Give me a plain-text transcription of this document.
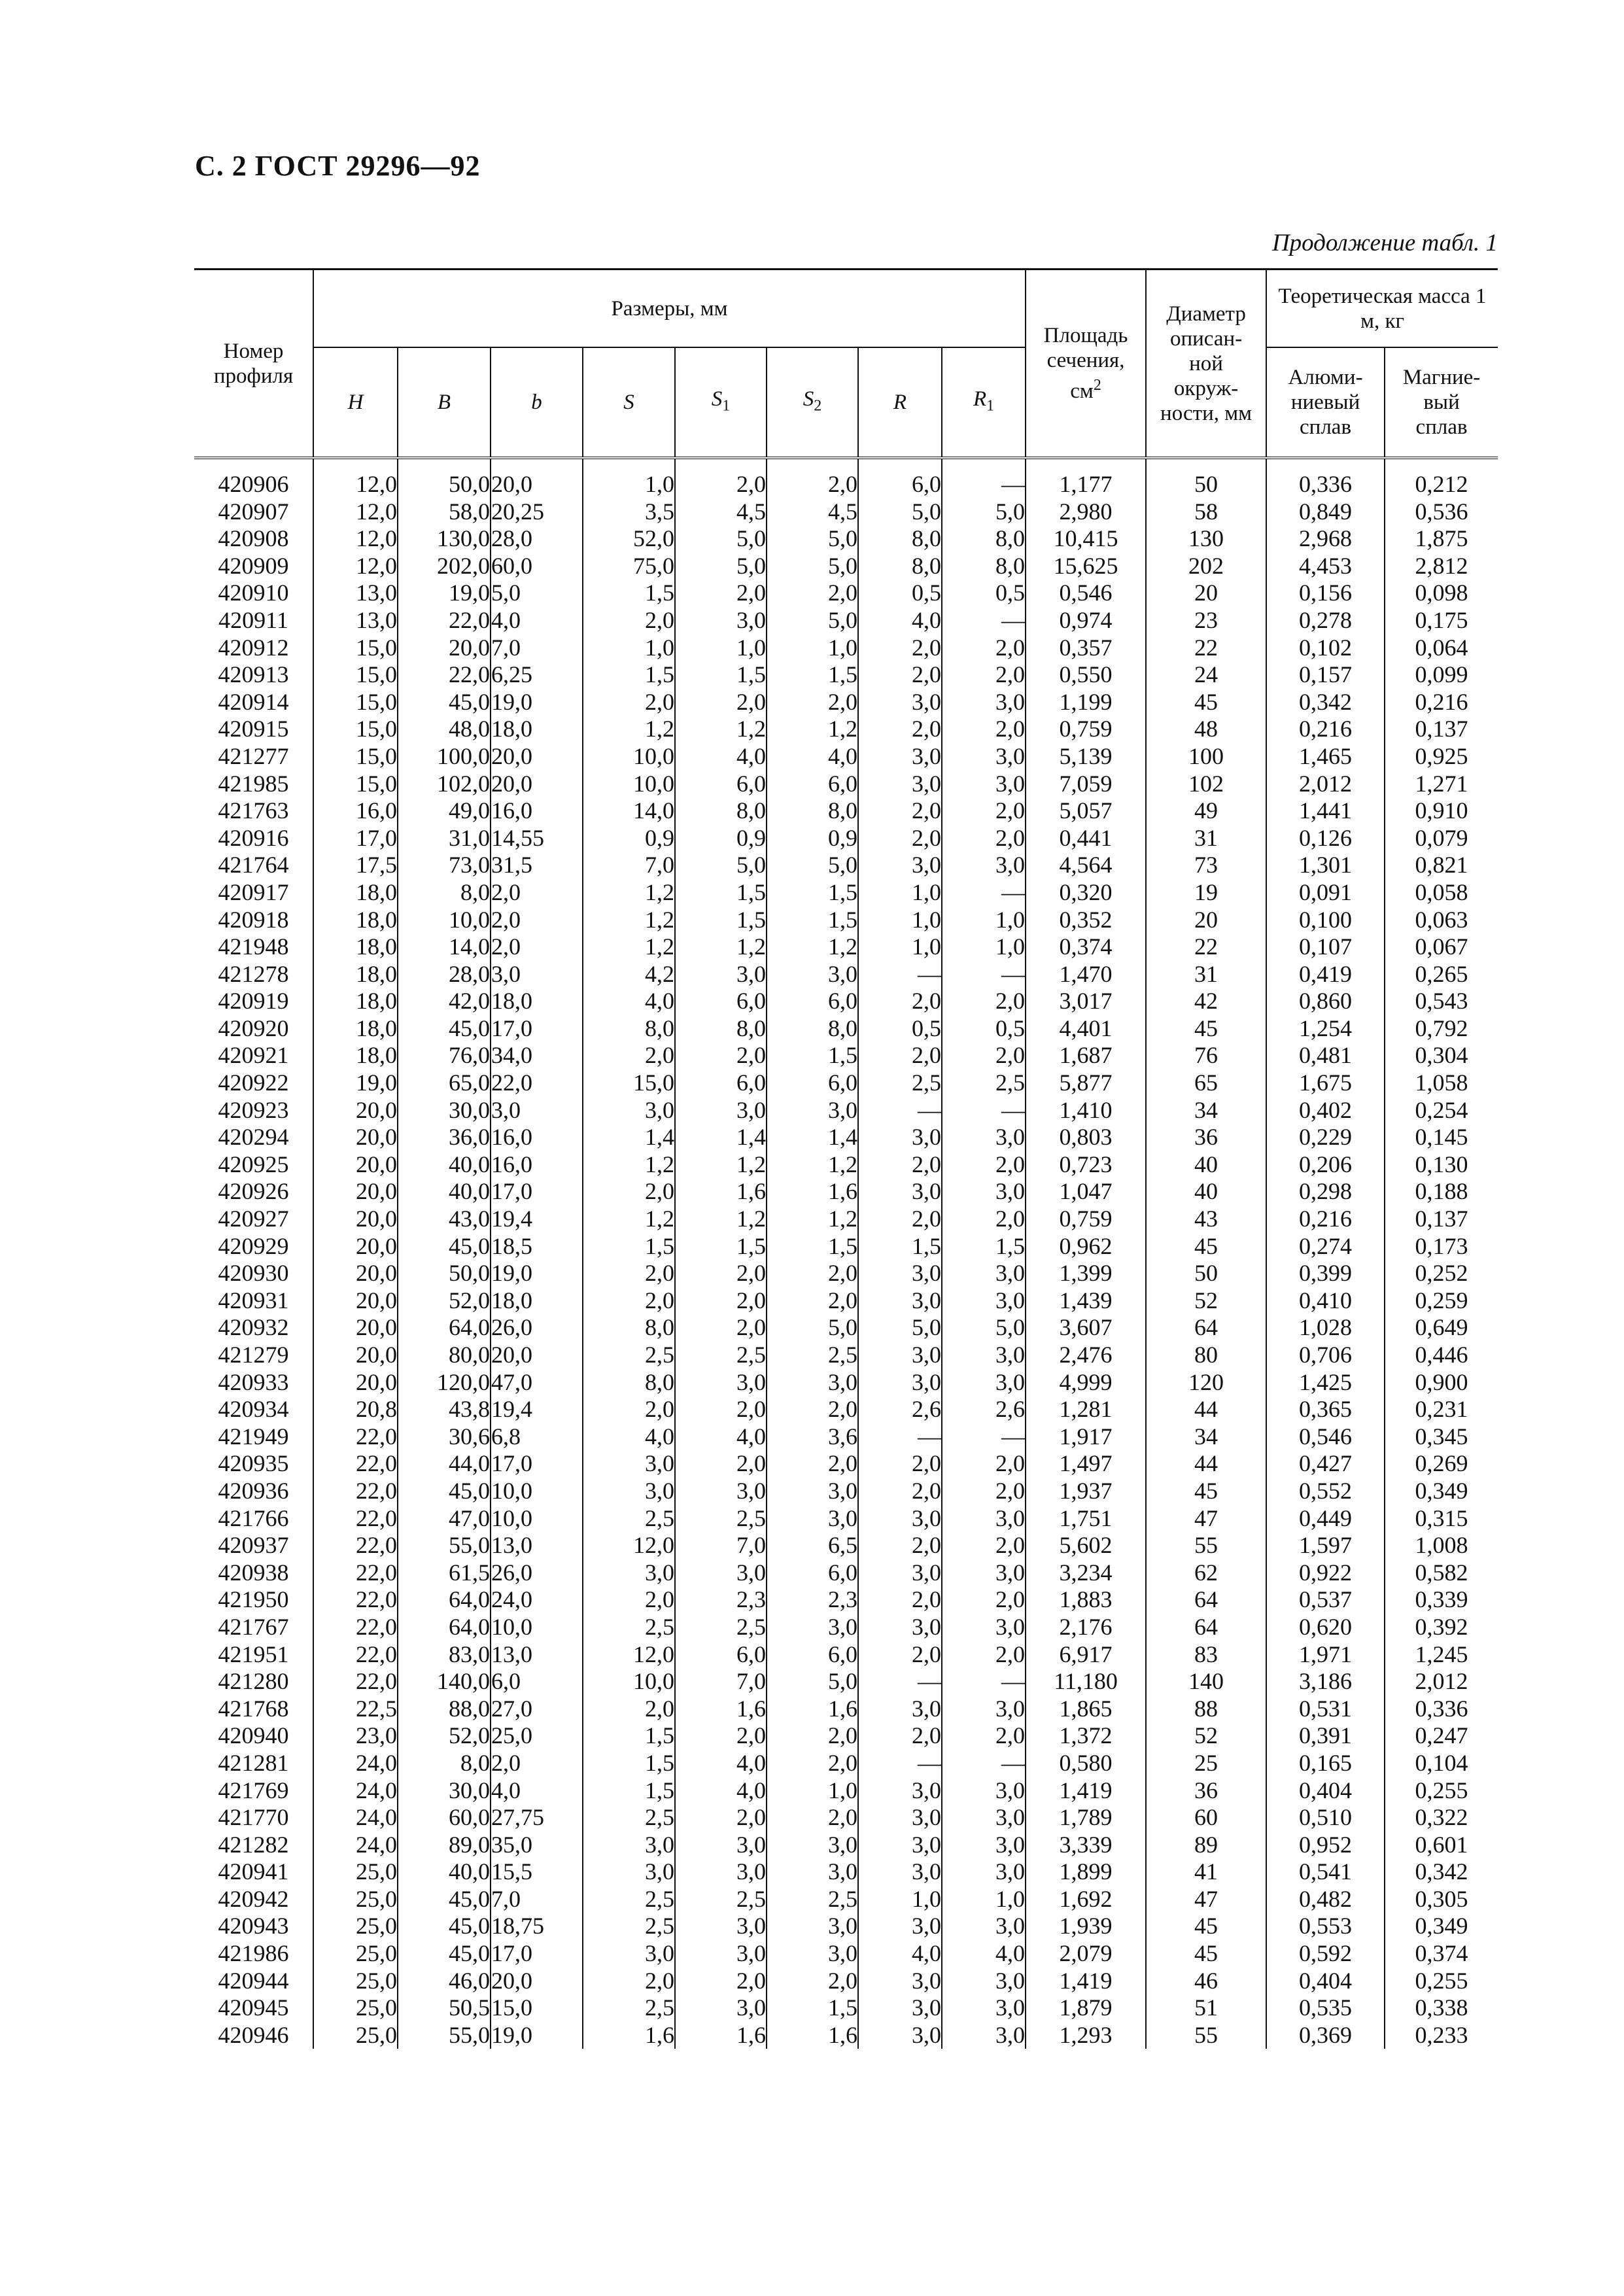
С. 2 ГОСТ 29296—92
Продолжение табл. 1
Номер профиля	Размеры, мм								Площадь сечения, $см^2$	Диаметр описан-ной окруж-ности, мм	Теоретическая масса 1 м, кг	
	H	B	b	S	$S_1$	$S_2$	R	$R_1$			Алюми-ниевый сплав	Магние-вый сплав
420906	12,0	50,0	20,0	1,0	2,0	2,0	6,0	—	1,177	50	0,336	0,212
420907	12,0	58,0	20,25	3,5	4,5	4,5	5,0	5,0	2,980	58	0,849	0,536
420908	12,0	130,0	28,0	52,0	5,0	5,0	8,0	8,0	10,415	130	2,968	1,875
420909	12,0	202,0	60,0	75,0	5,0	5,0	8,0	8,0	15,625	202	4,453	2,812
420910	13,0	19,0	5,0	1,5	2,0	2,0	0,5	0,5	0,546	20	0,156	0,098
420911	13,0	22,0	4,0	2,0	3,0	5,0	4,0	—	0,974	23	0,278	0,175
420912	15,0	20,0	7,0	1,0	1,0	1,0	2,0	2,0	0,357	22	0,102	0,064
420913	15,0	22,0	6,25	1,5	1,5	1,5	2,0	2,0	0,550	24	0,157	0,099
420914	15,0	45,0	19,0	2,0	2,0	2,0	3,0	3,0	1,199	45	0,342	0,216
420915	15,0	48,0	18,0	1,2	1,2	1,2	2,0	2,0	0,759	48	0,216	0,137
421277	15,0	100,0	20,0	10,0	4,0	4,0	3,0	3,0	5,139	100	1,465	0,925
421985	15,0	102,0	20,0	10,0	6,0	6,0	3,0	3,0	7,059	102	2,012	1,271
421763	16,0	49,0	16,0	14,0	8,0	8,0	2,0	2,0	5,057	49	1,441	0,910
420916	17,0	31,0	14,55	0,9	0,9	0,9	2,0	2,0	0,441	31	0,126	0,079
421764	17,5	73,0	31,5	7,0	5,0	5,0	3,0	3,0	4,564	73	1,301	0,821
420917	18,0	8,0	2,0	1,2	1,5	1,5	1,0	—	0,320	19	0,091	0,058
420918	18,0	10,0	2,0	1,2	1,5	1,5	1,0	1,0	0,352	20	0,100	0,063
421948	18,0	14,0	2,0	1,2	1,2	1,2	1,0	1,0	0,374	22	0,107	0,067
421278	18,0	28,0	3,0	4,2	3,0	3,0	—	—	1,470	31	0,419	0,265
420919	18,0	42,0	18,0	4,0	6,0	6,0	2,0	2,0	3,017	42	0,860	0,543
420920	18,0	45,0	17,0	8,0	8,0	8,0	0,5	0,5	4,401	45	1,254	0,792
420921	18,0	76,0	34,0	2,0	2,0	1,5	2,0	2,0	1,687	76	0,481	0,304
420922	19,0	65,0	22,0	15,0	6,0	6,0	2,5	2,5	5,877	65	1,675	1,058
420923	20,0	30,0	3,0	3,0	3,0	3,0	—	—	1,410	34	0,402	0,254
420294	20,0	36,0	16,0	1,4	1,4	1,4	3,0	3,0	0,803	36	0,229	0,145
420925	20,0	40,0	16,0	1,2	1,2	1,2	2,0	2,0	0,723	40	0,206	0,130
420926	20,0	40,0	17,0	2,0	1,6	1,6	3,0	3,0	1,047	40	0,298	0,188
420927	20,0	43,0	19,4	1,2	1,2	1,2	2,0	2,0	0,759	43	0,216	0,137
420929	20,0	45,0	18,5	1,5	1,5	1,5	1,5	1,5	0,962	45	0,274	0,173
420930	20,0	50,0	19,0	2,0	2,0	2,0	3,0	3,0	1,399	50	0,399	0,252
420931	20,0	52,0	18,0	2,0	2,0	2,0	3,0	3,0	1,439	52	0,410	0,259
420932	20,0	64,0	26,0	8,0	2,0	5,0	5,0	5,0	3,607	64	1,028	0,649
421279	20,0	80,0	20,0	2,5	2,5	2,5	3,0	3,0	2,476	80	0,706	0,446
420933	20,0	120,0	47,0	8,0	3,0	3,0	3,0	3,0	4,999	120	1,425	0,900
420934	20,8	43,8	19,4	2,0	2,0	2,0	2,6	2,6	1,281	44	0,365	0,231
421949	22,0	30,6	6,8	4,0	4,0	3,6	—	—	1,917	34	0,546	0,345
420935	22,0	44,0	17,0	3,0	2,0	2,0	2,0	2,0	1,497	44	0,427	0,269
420936	22,0	45,0	10,0	3,0	3,0	3,0	2,0	2,0	1,937	45	0,552	0,349
421766	22,0	47,0	10,0	2,5	2,5	3,0	3,0	3,0	1,751	47	0,449	0,315
420937	22,0	55,0	13,0	12,0	7,0	6,5	2,0	2,0	5,602	55	1,597	1,008
420938	22,0	61,5	26,0	3,0	3,0	6,0	3,0	3,0	3,234	62	0,922	0,582
421950	22,0	64,0	24,0	2,0	2,3	2,3	2,0	2,0	1,883	64	0,537	0,339
421767	22,0	64,0	10,0	2,5	2,5	3,0	3,0	3,0	2,176	64	0,620	0,392
421951	22,0	83,0	13,0	12,0	6,0	6,0	2,0	2,0	6,917	83	1,971	1,245
421280	22,0	140,0	6,0	10,0	7,0	5,0	—	—	11,180	140	3,186	2,012
421768	22,5	88,0	27,0	2,0	1,6	1,6	3,0	3,0	1,865	88	0,531	0,336
420940	23,0	52,0	25,0	1,5	2,0	2,0	2,0	2,0	1,372	52	0,391	0,247
421281	24,0	8,0	2,0	1,5	4,0	2,0	—	—	0,580	25	0,165	0,104
421769	24,0	30,0	4,0	1,5	4,0	1,0	3,0	3,0	1,419	36	0,404	0,255
421770	24,0	60,0	27,75	2,5	2,0	2,0	3,0	3,0	1,789	60	0,510	0,322
421282	24,0	89,0	35,0	3,0	3,0	3,0	3,0	3,0	3,339	89	0,952	0,601
420941	25,0	40,0	15,5	3,0	3,0	3,0	3,0	3,0	1,899	41	0,541	0,342
420942	25,0	45,0	7,0	2,5	2,5	2,5	1,0	1,0	1,692	47	0,482	0,305
420943	25,0	45,0	18,75	2,5	3,0	3,0	3,0	3,0	1,939	45	0,553	0,349
421986	25,0	45,0	17,0	3,0	3,0	3,0	4,0	4,0	2,079	45	0,592	0,374
420944	25,0	46,0	20,0	2,0	2,0	2,0	3,0	3,0	1,419	46	0,404	0,255
420945	25,0	50,5	15,0	2,5	3,0	1,5	3,0	3,0	1,879	51	0,535	0,338
420946	25,0	55,0	19,0	1,6	1,6	1,6	3,0	3,0	1,293	55	0,369	0,233
